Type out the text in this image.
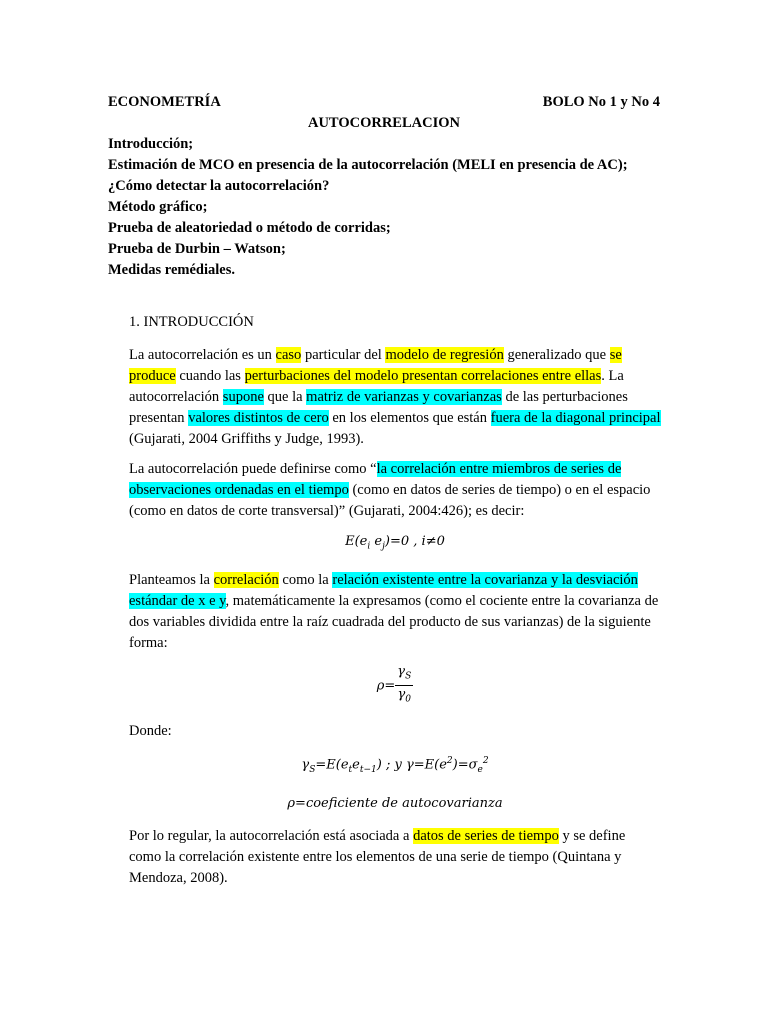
ECONOMETRÍA	BOLO No 1 y No 4
AUTOCORRELACION
Introducción;
Estimación de MCO en presencia de la autocorrelación (MELI en presencia de AC);
¿Cómo detectar la autocorrelación?
Método gráfico;
Prueba de aleatoriedad o método de corridas;
Prueba de Durbin – Watson;
Medidas remédiales.
1. INTRODUCCIÓN

La autocorrelación es un caso particular del modelo de regresión generalizado que se produce cuando las perturbaciones del modelo presentan correlaciones entre ellas. La autocorrelación supone que la matriz de varianzas y covarianzas de las perturbaciones presentan valores distintos de cero en los elementos que están fuera de la diagonal principal (Gujarati, 2004 Griffiths y Judge, 1993).

La autocorrelación puede definirse como “la correlación entre miembros de series de observaciones ordenadas en el tiempo (como en datos de series de tiempo) o en el espacio (como en datos de corte transversal)” (Gujarati, 2004:426); es decir:

$E(e_i$ $e_j)=0$ , i≠0

Planteamos la correlación como la relación existente entre la covarianza y la desviación estándar de x e y, matemáticamente la expresamos (como el cociente entre la covarianza de dos variables dividida entre la raíz cuadrada del producto de sus varianzas) de la siguiente forma:

$\rho= \frac{\gamma_S}{\gamma_0}$

Donde:

$\gamma_S=E(e_te_{t-1})$ ; y $\gamma=E(e^2)=\sigma_e^2$
ρ=coeficiente de autocovarianza

Por lo regular, la autocorrelación está asociada a datos de series de tiempo y se define como la correlación existente entre los elementos de una serie de tiempo (Quintana y Mendoza, 2008).
